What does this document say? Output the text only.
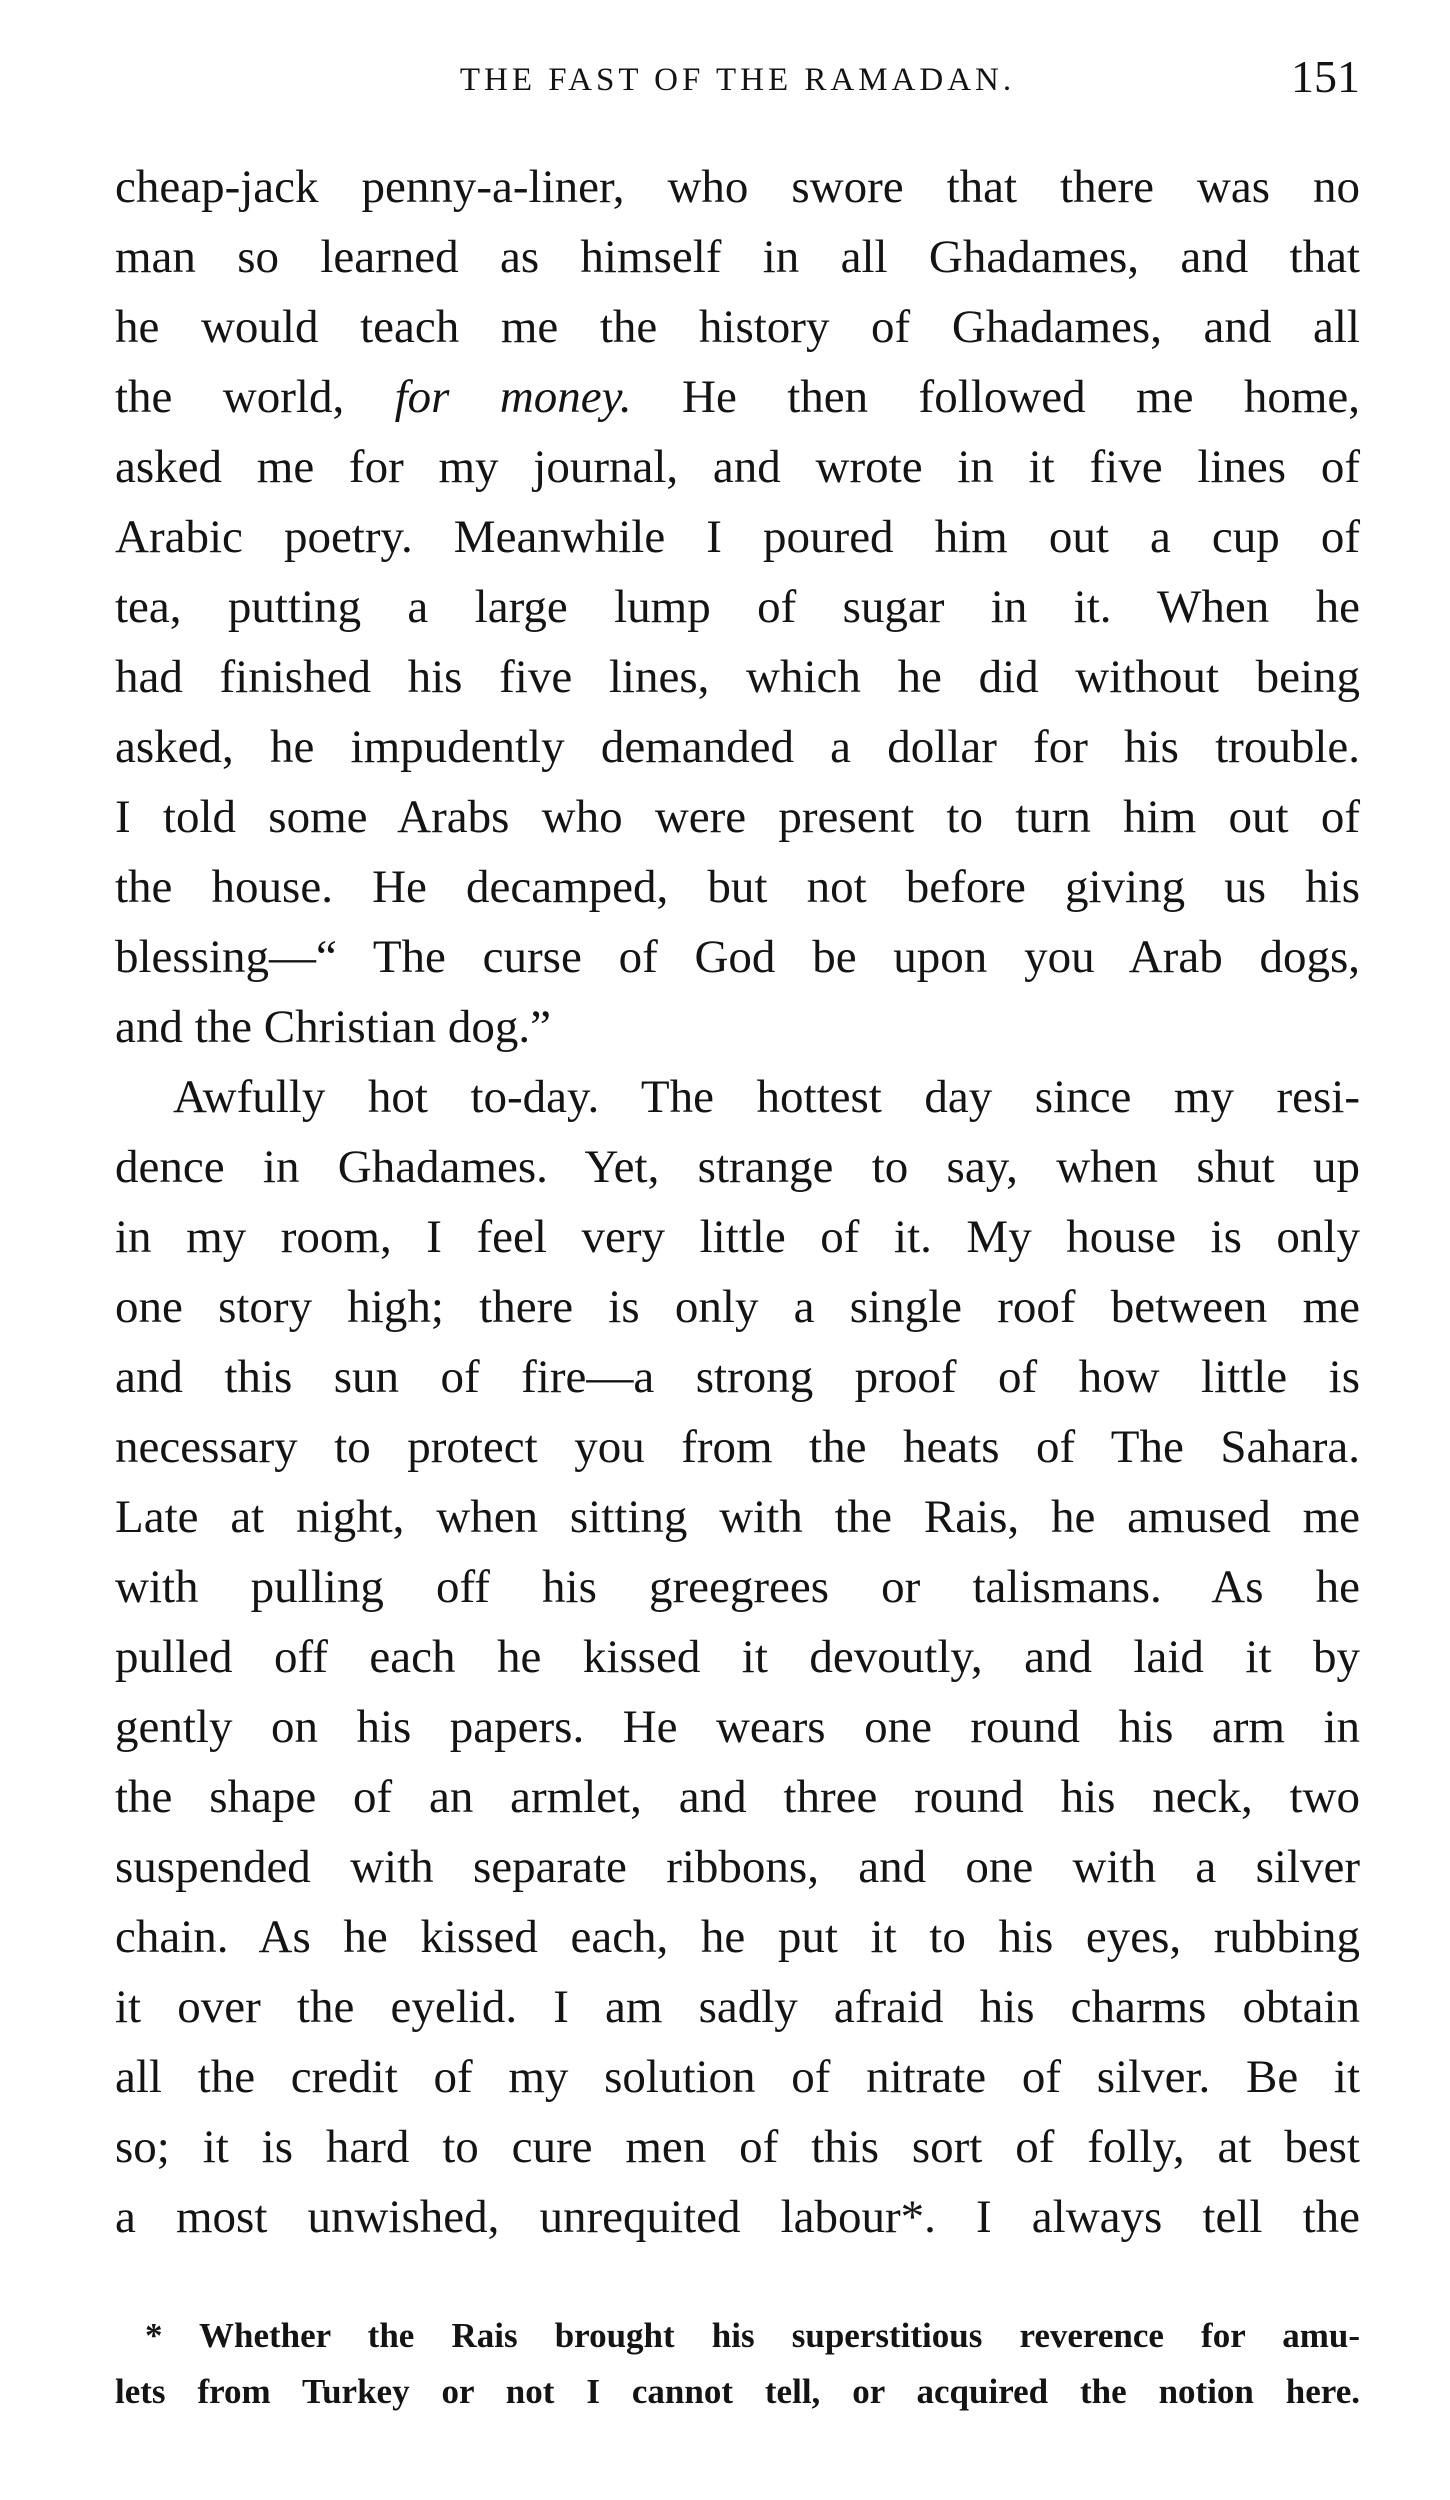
THE FAST OF THE RAMADAN.	151
cheap-jack penny-a-liner, who swore that there was no
man so learned as himself in all Ghadames, and that
he would teach me the history of Ghadames, and all
the world, for money. He then followed me home,
asked me for my journal, and wrote in it five lines of
Arabic poetry. Meanwhile I poured him out a cup of
tea, putting a large lump of sugar in it. When he
had finished his five lines, which he did without being
asked, he impudently demanded a dollar for his trouble.
I told some Arabs who were present to turn him out of
the house. He decamped, but not before giving us his
blessing—“ The curse of God be upon you Arab dogs,
and the Christian dog.”
Awfully hot to-day. The hottest day since my resi-
dence in Ghadames. Yet, strange to say, when shut up
in my room, I feel very little of it. My house is only
one story high; there is only a single roof between me
and this sun of fire—a strong proof of how little is
necessary to protect you from the heats of The Sahara.
Late at night, when sitting with the Rais, he amused me
with pulling off his greegrees or talismans. As he
pulled off each he kissed it devoutly, and laid it by
gently on his papers. He wears one round his arm in
the shape of an armlet, and three round his neck, two
suspended with separate ribbons, and one with a silver
chain. As he kissed each, he put it to his eyes, rubbing
it over the eyelid. I am sadly afraid his charms obtain
all the credit of my solution of nitrate of silver. Be it
so; it is hard to cure men of this sort of folly, at best
a most unwished, unrequited labour*. I always tell the
* Whether the Rais brought his superstitious reverence for amu-
lets from Turkey or not I cannot tell, or acquired the notion here.
